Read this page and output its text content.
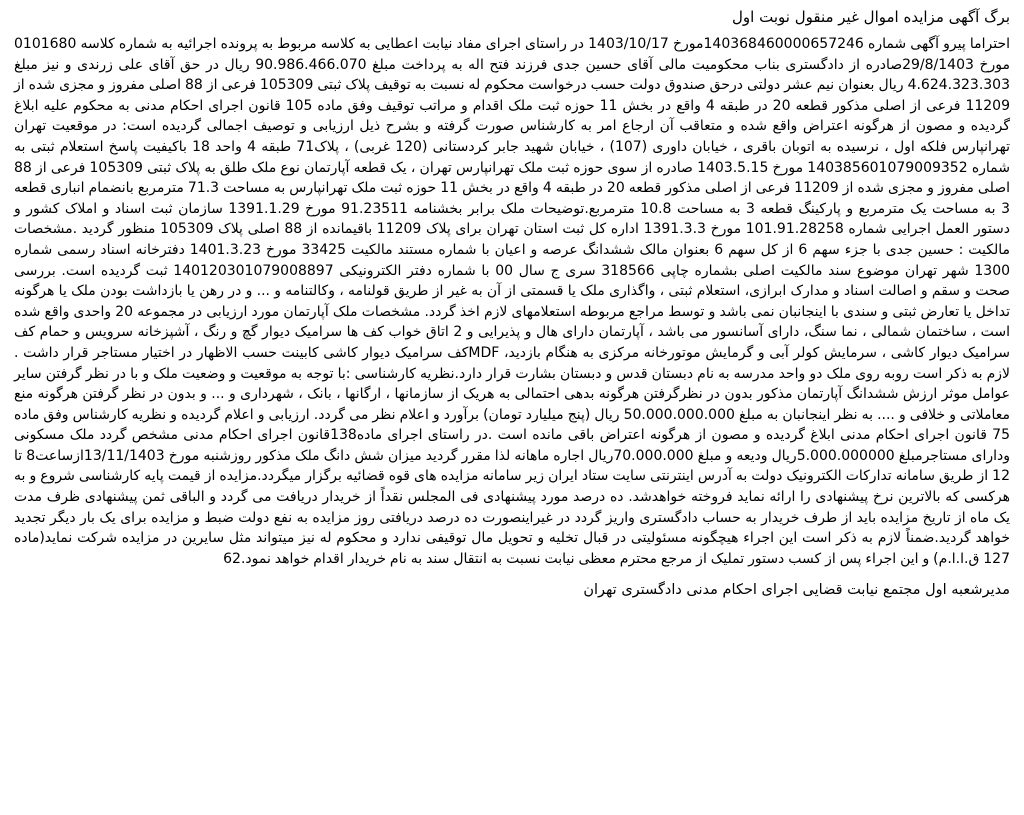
برگ آگهی مزایده اموال غیر منقول نوبت اول

احتراما پیرو آگهی شماره 140368460000657246مورخ 1403/10/17 در راستای اجرای مفاد نیابت اعطایی به کلاسه مربوط به پرونده اجرائیه به شماره کلاسه 0101680 مورخ 29/8/1403صادره از دادگستری بناب محکومیت مالی آقای حسین جدی فرزند فتح اله به پرداخت مبلغ 90.986.466.070 ریال در حق آقای علی زرندی و نیز مبلغ 4.624.323.303 ریال بعنوان نیم عشر دولتی درحق صندوق دولت حسب درخواست محکوم له نسبت به توقیف پلاک ثبتی 105309 فرعی از 88 اصلی مفروز و مجزی شده از 11209 فرعی از اصلی مذکور قطعه 20 در طبقه 4 واقع در بخش 11 حوزه ثبت ملک اقدام و مراتب توقیف وفق ماده 105 قانون اجرای احکام مدنی به محکوم علیه ابلاغ گردیده و مصون از هرگونه اعتراض واقع شده و متعاقب آن ارجاع امر به کارشناس صورت گرفته و بشرح ذیل ارزیابی و توصیف اجمالی گردیده است: در موقعیت تهران تهرانپارس فلکه اول ، نرسیده به اتوبان باقری ، خیابان داوری (107) ، خیابان شهید جابر کردستانی (120 غربی) ، پلاک71 طبقه 4 واحد 18 باکیفیت پاسخ استعلام ثبتی به شماره 140385601079009352 مورخ 1403.5.15 صادره از سوی حوزه ثبت ملک تهرانپارس تهران ، یک قطعه آپارتمان نوع ملک طلق به پلاک ثبتی 105309 فرعی از 88 اصلی مفروز و مجزی شده از 11209 فرعی از اصلی مذکور قطعه 20 در طبقه 4 واقع در بخش 11 حوزه ثبت ملک تهرانپارس به مساحت 71.3 مترمربع بانضمام انباری قطعه 3 به مساحت یک مترمربع و پارکینگ قطعه 3 به مساحت 10.8 مترمربع.توضیحات ملک برابر بخشنامه 91.23511 مورخ 1391.1.29 سازمان ثبت اسناد و املاک کشور و دستور العمل اجرایی شماره 101.91.28258 مورخ 1391.3.3 اداره کل ثبت استان تهران برای پلاک 11209 باقیمانده از 88 اصلی پلاک 105309 منظور گردید .مشخصات مالکیت : حسین جدی با جزء سهم 6 از کل سهم 6 بعنوان مالک ششدانگ عرصه و اعیان با شماره مستند مالکیت 33425 مورخ 1401.3.23 دفترخانه اسناد رسمی شماره 1300 شهر تهران موضوع سند مالکیت اصلی بشماره چاپی 318566 سری ج سال 00 با شماره دفتر الکترونیکی 140120301079008897 ثبت گردیده است. بررسی صحت و سقم و اصالت اسناد و مدارک ابرازی، استعلام ثبتی ، واگذاری ملک یا قسمتی از آن به غیر از طریق قولنامه ، وکالتنامه و ... و در رهن یا بازداشت بودن ملک یا هرگونه تداخل یا تعارض ثبتی و سندی با اینجانبان نمی باشد و توسط مراجع مربوطه استعلامهای لازم اخذ گردد. مشخصات ملک آپارتمان مورد ارزیابی در مجموعه 20 واحدی واقع شده است ، ساختمان شمالی ، نما سنگ، دارای آسانسور می باشد ، آپارتمان دارای هال و پذیرایی و 2 اتاق خواب کف ها سرامیک دیوار گچ و رنگ ، آشپزخانه سرویس و حمام کف سرامیک دیوار کاشی ، سرمایش کولر آبی و گرمایش موتورخانه مرکزی به هنگام بازدید، MDFکف سرامیک دیوار کاشی کابینت حسب الاظهار در اختیار مستاجر قرار داشت . لازم به ذکر است روبه روی ملک دو واحد مدرسه به نام دبستان قدس و دبستان بشارت قرار دارد.نظریه کارشناسی :با توجه به موقعیت و وضعیت ملک و با در نظر گرفتن سایر عوامل موثر ارزش ششدانگ آپارتمان مذکور بدون در نظرگرفتن هرگونه بدهی احتمالی به هریک از سازمانها ، ارگانها ، بانک ، شهرداری و ... و بدون در نظر گرفتن هرگونه منع معاملاتی و خلافی و .... به نظر اینجانبان به مبلغ 50.000.000.000 ریال (پنج میلیارد تومان) برآورد و اعلام نظر می گردد. ارزیابی و اعلام گردیده و نظریه کارشناس وفق ماده 75 قانون اجرای احکام مدنی ابلاغ گردیده و مصون از هرگونه اعتراض باقی مانده است .در راستای اجرای ماده138قانون اجرای احکام مدنی مشخص گردد ملک مسکونی ودارای مستاجرمبلغ 5.000.000000ریال ودیعه و مبلغ 70.000.000ریال اجاره ماهانه لذا مقرر گردید میزان شش دانگ ملک مذکور روزشنبه مورخ 13/11/1403ازساعت8 تا 12 از طریق سامانه تدارکات الکترونیک دولت به آدرس اینترنتی سایت ستاد ایران زیر سامانه مزایده های قوه قضائیه برگزار میگردد.مزایده از قیمت پایه کارشناسی شروع و به هرکسی که بالاترین نرخ پیشنهادی را ارائه نماید فروخته خواهدشد. ده درصد مورد پیشنهادی فی المجلس نقداً از خریدار دریافت می گردد و الباقی ثمن پیشنهادی ظرف مدت یک ماه از تاریخ مزایده باید از طرف خریدار به حساب دادگستری واریز گردد در غیراینصورت ده درصد دریافتی روز مزایده به نفع دولت ضبط و مزایده برای یک بار دیگر تجدید خواهد گردید.ضمناً لازم به ذکر است این اجراء هیچگونه مسئولیتی در قبال تخلیه و تحویل مال توقیفی ندارد و محکوم له نیز میتواند مثل سایرین در مزایده شرکت نماید(ماده 127 ق.ا.ا.م) و این اجراء پس از کسب دستور تملیک از مرجع محترم معظی نیابت نسبت به انتقال سند به نام خریدار اقدام خواهد نمود.62

مدیرشعبه اول مجتمع نیابت قضایی اجرای احکام مدنی دادگستری تهران
